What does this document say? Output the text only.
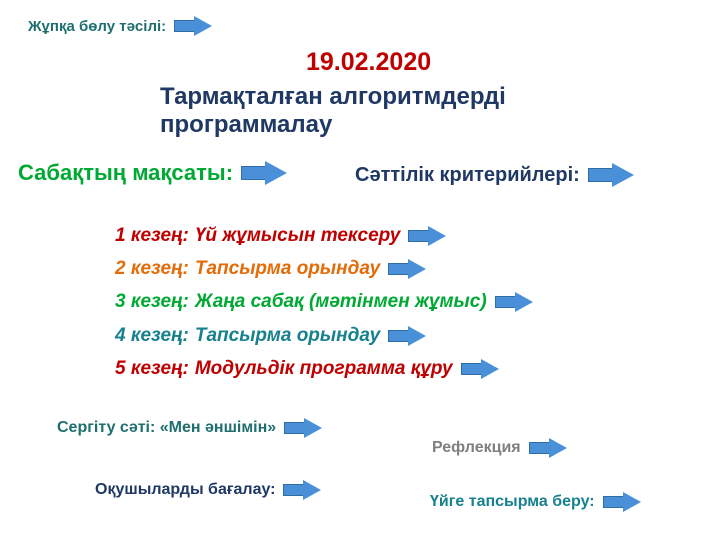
Жұпқа бөлу тәсілі:
19.02.2020
Тармақталған алгоритмдерді программалау
Сабақтың мақсаты:	Сәттілік критерийлері:
1 кезең: Үй жұмысын тексеру
2 кезең: Тапсырма орындау
3 кезең: Жаңа сабақ (мәтінмен жұмыс)
4 кезең: Тапсырма орындау
5 кезең: Модульдік программа құру
Сергіту сәті: «Мен әншімін»
Рефлекция
Оқушыларды бағалау:
Үйге тапсырма беру:
